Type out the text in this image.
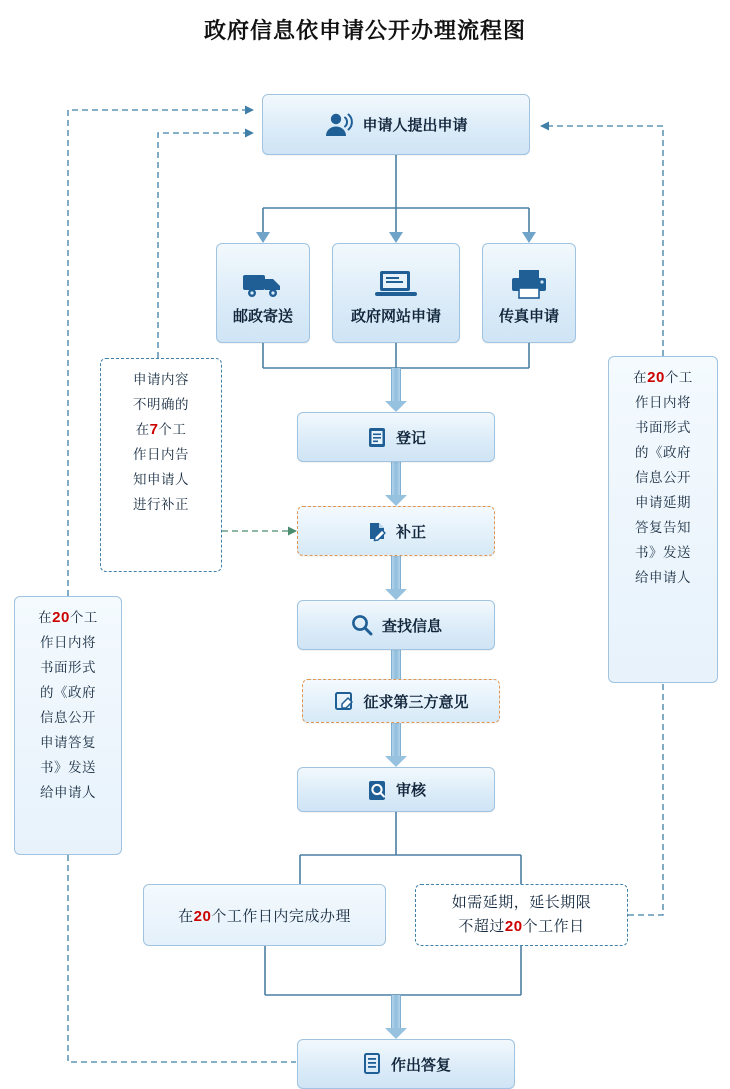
政府信息依申请公开办理流程图
申请人提出申请
邮政寄送	政府网站申请	传真申请
登记
补正
查找信息
征求第三方意见
审核
作出答复
申请内容
不明确的
在7个工
作日内告
知申请人
进行补正
在20个工
作日内将
书面形式
的《政府
信息公开
申请延期
答复告知
书》发送
给申请人
在20个工
作日内将
书面形式
的《政府
信息公开
申请答复
书》发送
给申请人
在20个工作日内完成办理
如需延期，延长期限
不超过20个工作日
